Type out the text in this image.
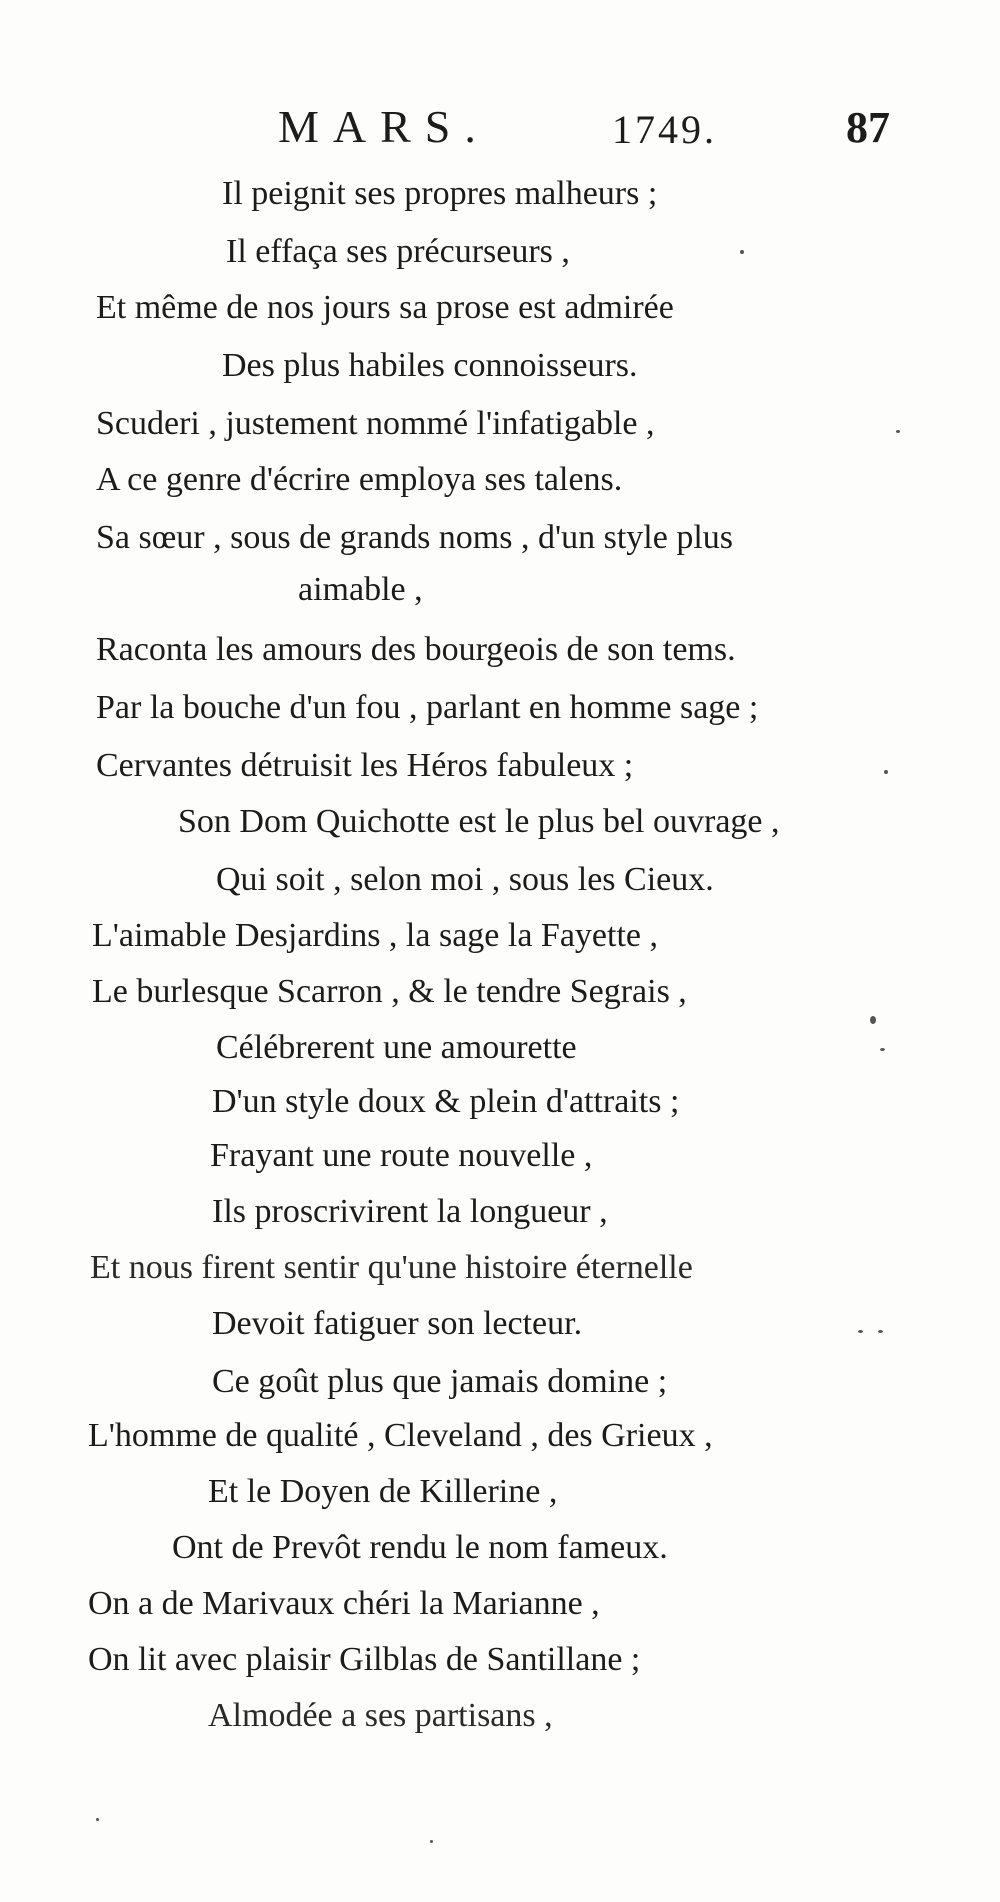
MARS.	1749.	87
Il peignit ses propres malheurs ;
Il effaça ses précurseurs ,
Et même de nos jours sa prose est admirée
Des plus habiles connoisseurs.
Scuderi , justement nommé l'infatigable ,
A ce genre d'écrire employa ses talens.
Sa sœur , sous de grands noms , d'un style plus
aimable ,
Raconta les amours des bourgeois de son tems.
Par la bouche d'un fou , parlant en homme sage ;
Cervantes détruisit les Héros fabuleux ;
Son Dom Quichotte est le plus bel ouvrage ,
Qui soit , selon moi , sous les Cieux.
L'aimable Desjardins , la sage la Fayette ,
Le burlesque Scarron , & le tendre Segrais ,
Célébrerent une amourette
D'un style doux & plein d'attraits ;
Frayant une route nouvelle ,
Ils proscrivirent la longueur ,
Et nous firent sentir qu'une histoire éternelle
Devoit fatiguer son lecteur.
Ce goût plus que jamais domine ;
L'homme de qualité , Cleveland , des Grieux ,
Et le Doyen de Killerine ,
Ont de Prevôt rendu le nom fameux.
On a de Marivaux chéri la Marianne ,
On lit avec plaisir Gilblas de Santillane ;
Almodée a ses partisans ,
